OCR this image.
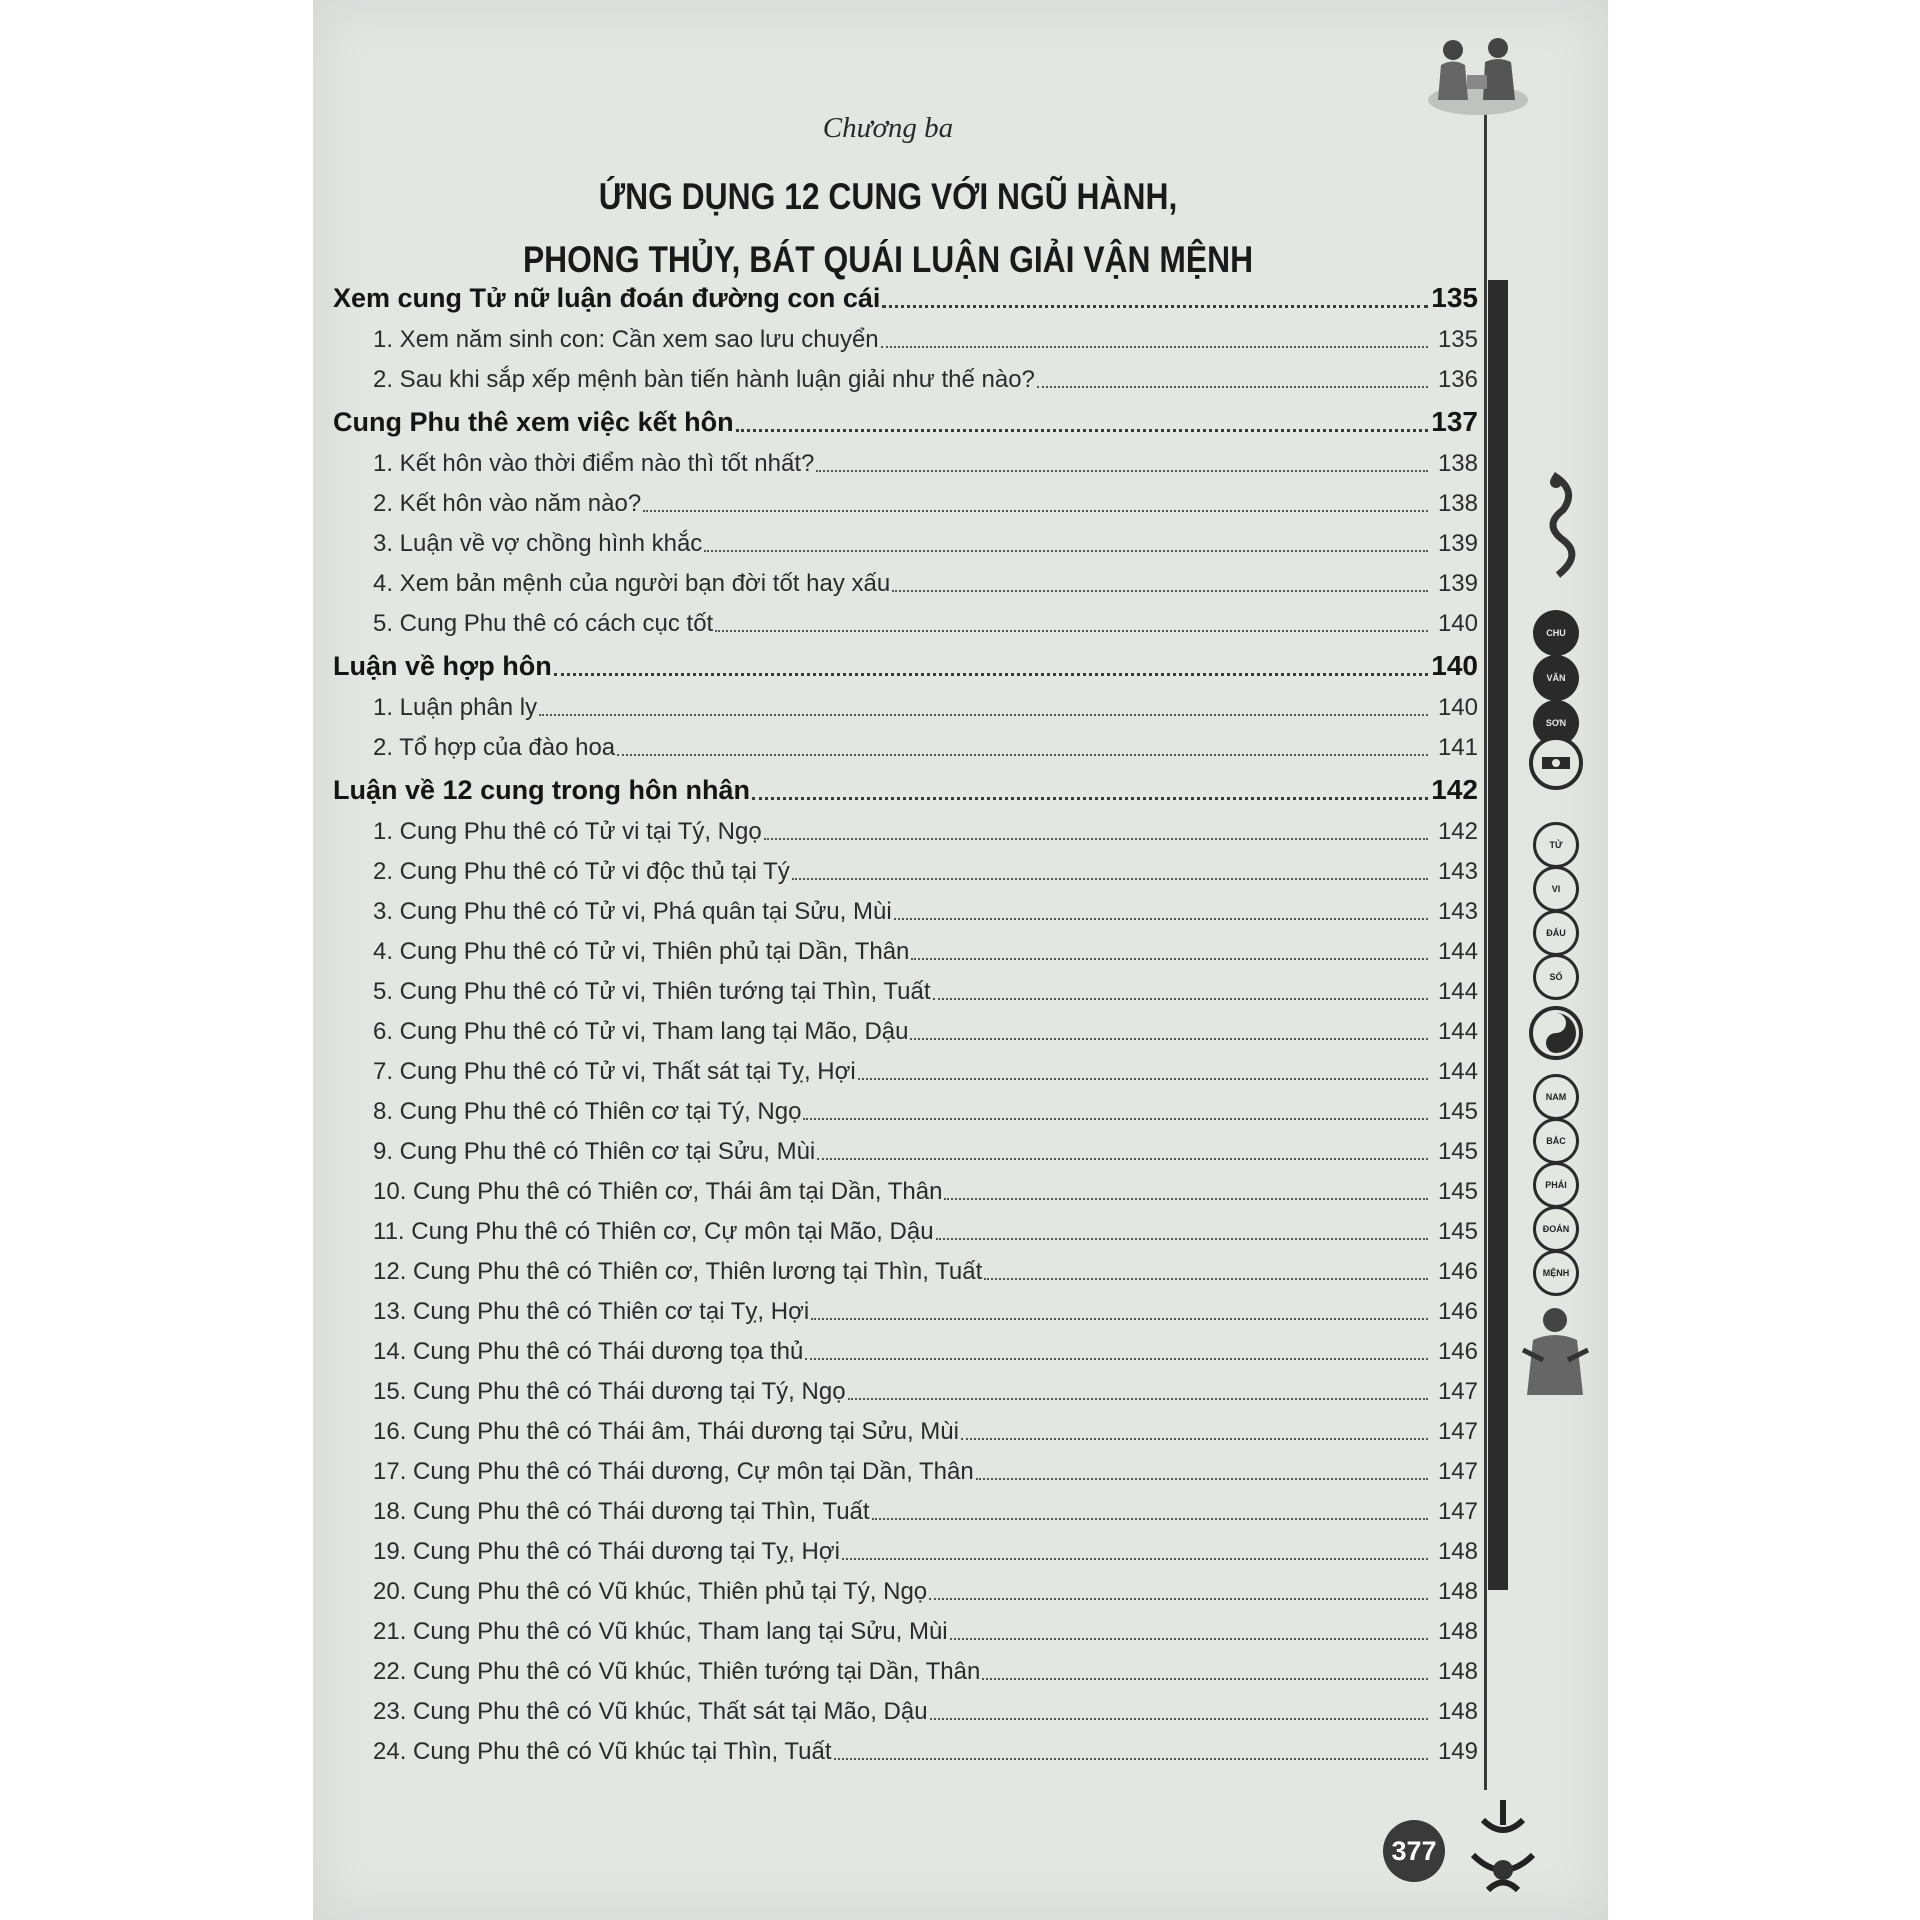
Chương ba
ỨNG DỤNG 12 CUNG VỚI NGŨ HÀNH,
PHONG THỦY, BÁT QUÁI LUẬN GIẢI VẬN MỆNH
Xem cung Tử nữ luận đoán đường con cái	135
1. Xem năm sinh con: Cần xem sao lưu chuyển	135
2. Sau khi sắp xếp mệnh bàn tiến hành luận giải như thế nào?	136
Cung Phu thê xem việc kết hôn	137
1. Kết hôn vào thời điểm nào thì tốt nhất?	138
2. Kết hôn vào năm nào?	138
3. Luận về vợ chồng hình khắc	139
4. Xem bản mệnh của người bạn đời tốt hay xấu	139
5. Cung Phu thê có cách cục tốt	140
Luận về hợp hôn	140
1. Luận phân ly	140
2. Tổ hợp của đào hoa	141
Luận về 12 cung trong hôn nhân	142
1. Cung Phu thê có Tử vi tại Tý, Ngọ	142
2. Cung Phu thê có Tử vi độc thủ tại Tý	143
3. Cung Phu thê có Tử vi, Phá quân tại Sửu, Mùi	143
4. Cung Phu thê có Tử vi, Thiên phủ tại Dần, Thân	144
5. Cung Phu thê có Tử vi, Thiên tướng tại Thìn, Tuất	144
6. Cung Phu thê có Tử vi, Tham lang tại Mão, Dậu	144
7. Cung Phu thê có Tử vi, Thất sát tại Tỵ, Hợi	144
8. Cung Phu thê có Thiên cơ tại Tý, Ngọ	145
9. Cung Phu thê có Thiên cơ tại Sửu, Mùi	145
10. Cung Phu thê có Thiên cơ, Thái âm tại Dần, Thân	145
11. Cung Phu thê có Thiên cơ, Cự môn tại Mão, Dậu	145
12. Cung Phu thê có Thiên cơ, Thiên lương tại Thìn, Tuất	146
13. Cung Phu thê có Thiên cơ tại Tỵ, Hợi	146
14. Cung Phu thê có Thái dương tọa thủ	146
15. Cung Phu thê có Thái dương tại Tý, Ngọ	147
16. Cung Phu thê có Thái âm, Thái dương tại Sửu, Mùi	147
17. Cung Phu thê có Thái dương, Cự môn tại Dần, Thân	147
18. Cung Phu thê có Thái dương tại Thìn, Tuất	147
19. Cung Phu thê có Thái dương tại Tỵ, Hợi	148
20. Cung Phu thê có Vũ khúc, Thiên phủ tại Tý, Ngọ	148
21. Cung Phu thê có Vũ khúc, Tham lang tại Sửu, Mùi	148
22. Cung Phu thê có Vũ khúc, Thiên tướng tại Dần, Thân	148
23. Cung Phu thê có Vũ khúc, Thất sát tại Mão, Dậu	148
24. Cung Phu thê có Vũ khúc tại Thìn, Tuất	149
CHU
VĂN
SƠN
TỬ
VI
ĐẨU
SỐ
NAM
BẮC
PHÁI
ĐOÁN
MỆNH
377
